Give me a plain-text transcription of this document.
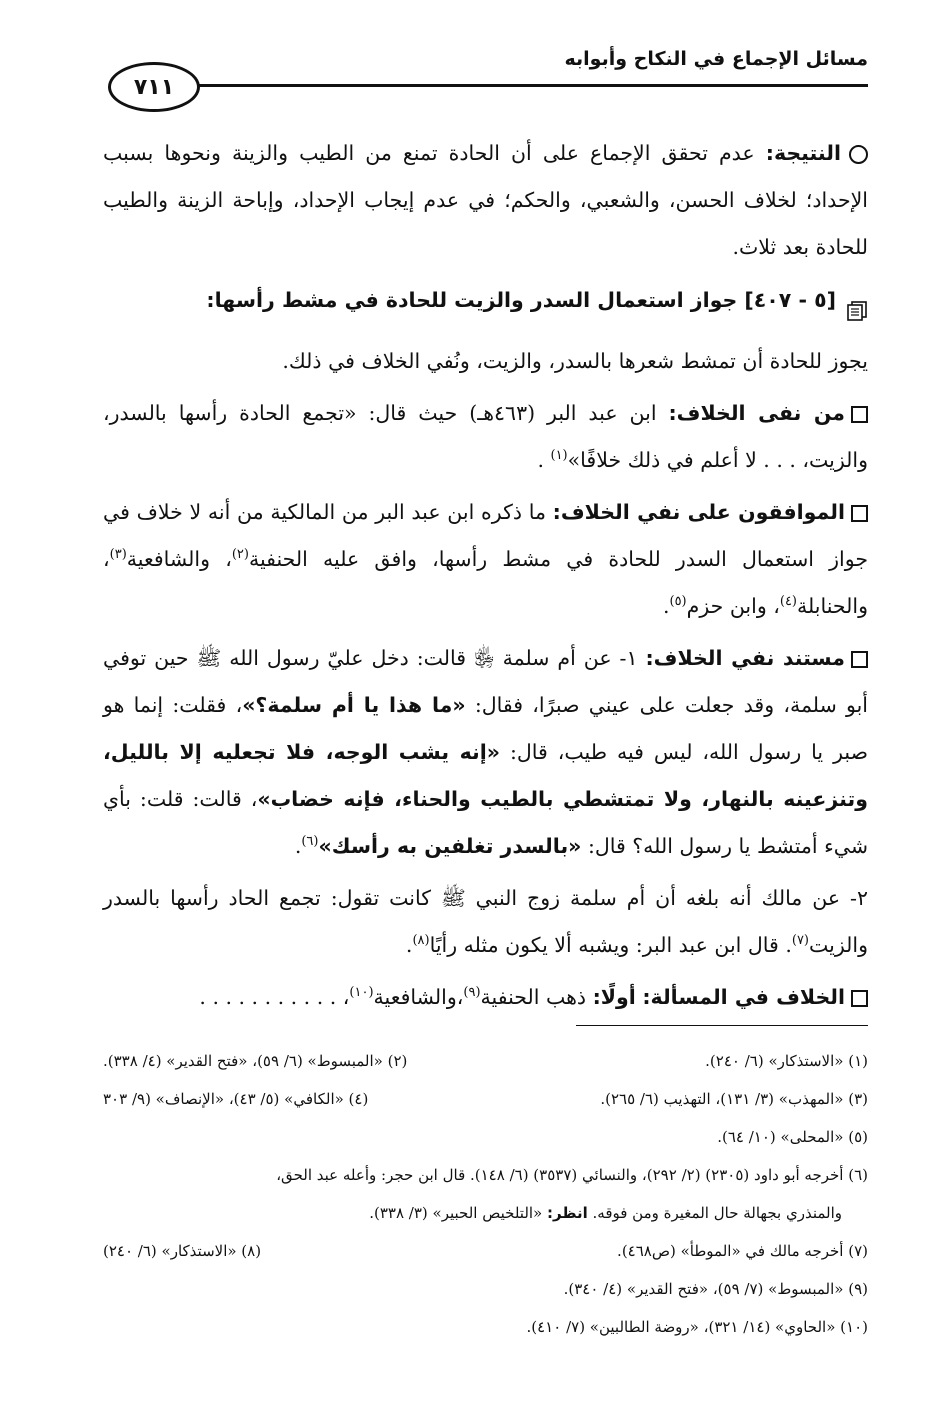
مسائل الإجماع في النكاح وأبوابه
٧١١

النتيجة: عدم تحقق الإجماع على أن الحادة تمنع من الطيب والزينة ونحوها بسبب الإحداد؛ لخلاف الحسن، والشعبي، والحكم؛ في عدم إيجاب الإحداد، وإباحة الزينة والطيب للحادة بعد ثلاث.

[٥ - ٤٠٧] جواز استعمال السدر والزيت للحادة في مشط رأسها:

يجوز للحادة أن تمشط شعرها بالسدر، والزيت، ونُفي الخلاف في ذلك.

من نفى الخلاف: ابن عبد البر (٤٦٣هـ) حيث قال: «تجمع الحادة رأسها بالسدر، والزيت، . . . لا أعلم في ذلك خلافًا»$^{(١)}$ .

الموافقون على نفي الخلاف: ما ذكره ابن عبد البر من المالكية من أنه لا خلاف في جواز استعمال السدر للحادة في مشط رأسها، وافق عليه الحنفية$^{(٢)}$، والشافعية$^{(٣)}$، والحنابلة$^{(٤)}$، وابن حزم$^{(٥)}$.

مستند نفي الخلاف: ١- عن أم سلمة ﵂ قالت: دخل عليّ رسول الله ﷺ حين توفي أبو سلمة، وقد جعلت على عيني صبرًا، فقال: «ما هذا يا أم سلمة؟»، فقلت: إنما هو صبر يا رسول الله، ليس فيه طيب، قال: «إنه يشب الوجه، فلا تجعليه إلا بالليل، وتنزعينه بالنهار، ولا تمتشطي بالطيب والحناء، فإنه خضاب»، قالت: قلت: بأي شيء أمتشط يا رسول الله؟ قال: «بالسدر تغلفين به رأسك»$^{(٦)}$.

٢- عن مالك أنه بلغه أن أم سلمة زوج النبي ﷺ كانت تقول: تجمع الحاد رأسها بالسدر والزيت$^{(٧)}$. قال ابن عبد البر: ويشبه ألا يكون مثله رأيًا$^{(٨)}$.

الخلاف في المسألة: أولًا: ذهب الحنفية$^{(٩)}$،والشافعية$^{(١٠)}$، . . . . . . . . . . .

(١) «الاستذكار» (٦/ ٢٤٠).
(٢) «المبسوط» (٦/ ٥٩)، «فتح القدير» (٤/ ٣٣٨).
(٣) «المهذب» (٣/ ١٣١)، التهذيب (٦/ ٢٦٥).
(٤) «الكافي» (٥/ ٤٣)، «الإنصاف» (٩/ ٣٠٣
(٥) «المحلى» (١٠/ ٦٤).
(٦) أخرجه أبو داود (٢٣٠٥) (٢/ ٢٩٢)، والنسائي (٣٥٣٧) (٦/ ١٤٨). قال ابن حجر: وأعله عبد الحق،
والمنذري بجهالة حال المغيرة ومن فوقه. انظر: «التلخيص الحبير» (٣/ ٣٣٨).
(٧) أخرجه مالك في «الموطأ» (ص٤٦٨).
(٨) «الاستذكار» (٦/ ٢٤٠)
(٩) «المبسوط» (٧/ ٥٩)، «فتح القدير» (٤/ ٣٤٠).
(١٠) «الحاوي» (١٤/ ٣٢١)، «روضة الطالبين» (٧/ ٤١٠).
